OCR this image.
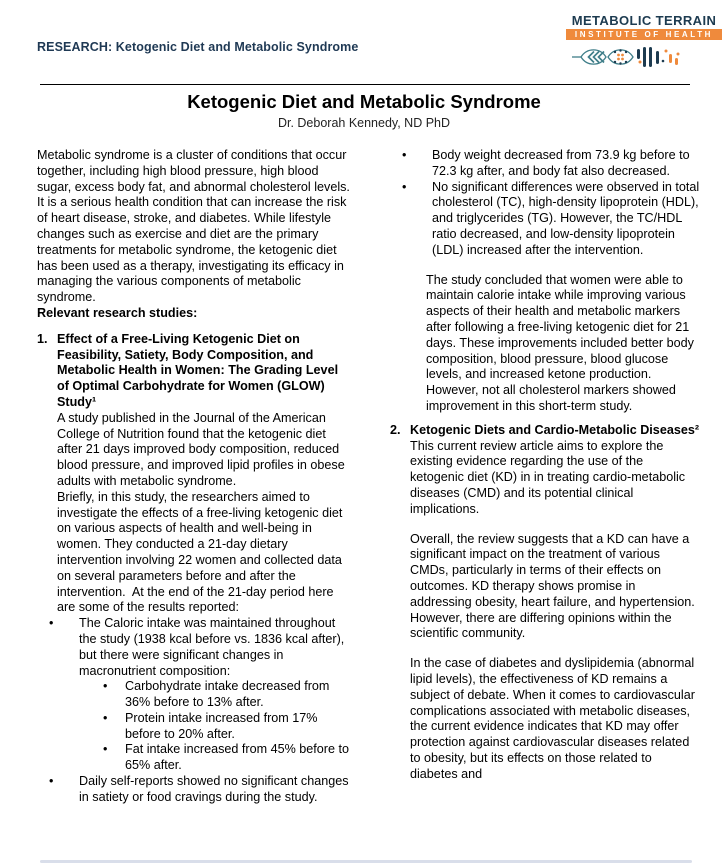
RESEARCH: Ketogenic Diet and Metabolic Syndrome
METABOLIC TERRAIN
INSTITUTE OF HEALTH
Ketogenic Diet and Metabolic Syndrome
Dr. Deborah Kennedy, ND PhD

Metabolic syndrome is a cluster of conditions that occur together, including high blood pressure, high blood sugar, excess body fat, and abnormal cholesterol levels. It is a serious health condition that can increase the risk of heart disease, stroke, and diabetes. While lifestyle changes such as exercise and diet are the primary treatments for metabolic syndrome, the ketogenic diet has been used as a therapy, investigating its efficacy in managing the various components of metabolic syndrome.

Relevant research studies:

1. Effect of a Free-Living Ketogenic Diet on Feasibility, Satiety, Body Composition, and Metabolic Health in Women: The Grading Level of Optimal Carbohydrate for Women (GLOW) Study¹

A study published in the Journal of the American College of Nutrition found that the ketogenic diet after 21 days improved body composition, reduced blood pressure, and improved lipid profiles in obese adults with metabolic syndrome.

Briefly, in this study, the researchers aimed to investigate the effects of a free-living ketogenic diet on various aspects of health and well-being in women. They conducted a 21-day dietary intervention involving 22 women and collected data on several parameters before and after the intervention.  At the end of the 21-day period here are some of the results reported:

• The Caloric intake was maintained throughout the study (1938 kcal before vs. 1836 kcal after), but there were significant changes in macronutrient composition:
• Carbohydrate intake decreased from 36% before to 13% after.
• Protein intake increased from 17% before to 20% after.
• Fat intake increased from 45% before to 65% after.
• Daily self-reports showed no significant changes in satiety or food cravings during the study.
• Body weight decreased from 73.9 kg before to 72.3 kg after, and body fat also decreased.
• No significant differences were observed in total cholesterol (TC), high-density lipoprotein (HDL), and triglycerides (TG). However, the TC/HDL ratio decreased, and low-density lipoprotein (LDL) increased after the intervention.

The study concluded that women were able to maintain calorie intake while improving various aspects of their health and metabolic markers after following a free-living ketogenic diet for 21 days. These improvements included better body composition, blood pressure, blood glucose levels, and increased ketone production. However, not all cholesterol markers showed improvement in this short-term study.

2. Ketogenic Diets and Cardio-Metabolic Diseases²

This current review article aims to explore the existing evidence regarding the use of the ketogenic diet (KD) in in treating cardio-metabolic diseases (CMD) and its potential clinical implications.

Overall, the review suggests that a KD can have a significant impact on the treatment of various CMDs, particularly in terms of their effects on outcomes. KD therapy shows promise in addressing obesity, heart failure, and hypertension. However, there are differing opinions within the scientific community.

In the case of diabetes and dyslipidemia (abnormal lipid levels), the effectiveness of KD remains a subject of debate. When it comes to cardiovascular complications associated with metabolic diseases, the current evidence indicates that KD may offer protection against cardiovascular diseases related to obesity, but its effects on those related to diabetes and
